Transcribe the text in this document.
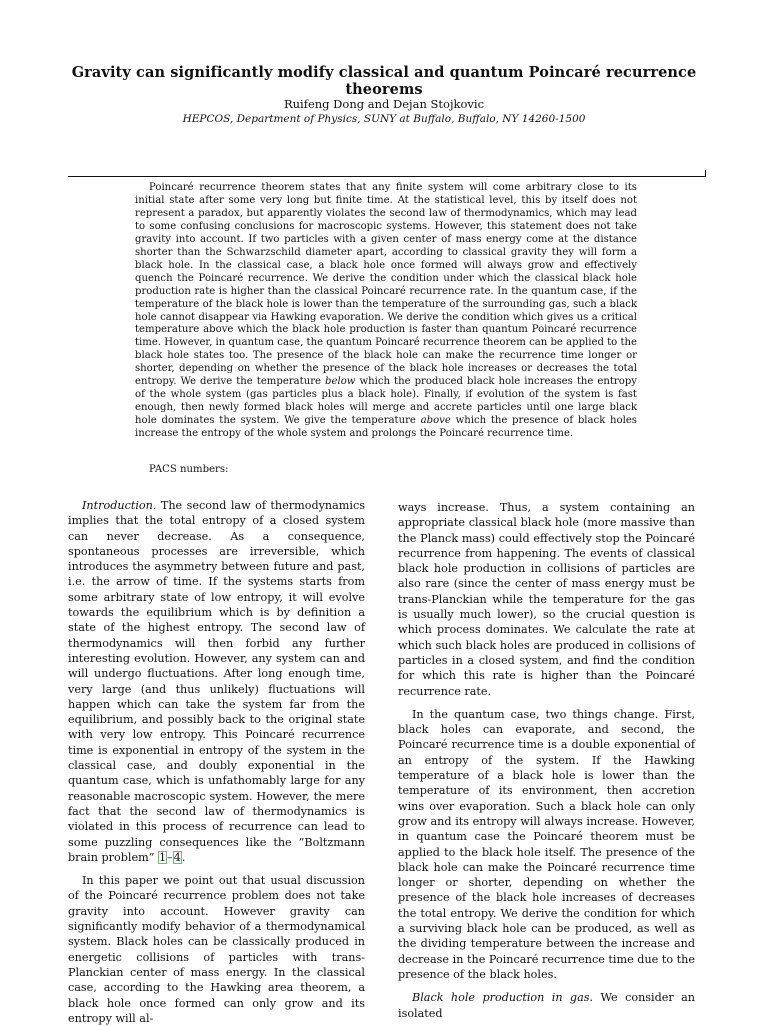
Gravity can significantly modify classical and quantum Poincaré recurrence theorems
Ruifeng Dong and Dejan Stojkovic
HEPCOS, Department of Physics, SUNY at Buffalo, Buffalo, NY 14260-1500

Poincaré recurrence theorem states that any finite system will come arbitrary close to its initial state after some very long but finite time. At the statistical level, this by itself does not represent a paradox, but apparently violates the second law of thermodynamics, which may lead to some confusing conclusions for macroscopic systems. However, this statement does not take gravity into account. If two particles with a given center of mass energy come at the distance shorter than the Schwarzschild diameter apart, according to classical gravity they will form a black hole. In the classical case, a black hole once formed will always grow and effectively quench the Poincaré recurrence. We derive the condition under which the classical black hole production rate is higher than the classical Poincaré recurrence rate. In the quantum case, if the temperature of the black hole is lower than the temperature of the surrounding gas, such a black hole cannot disappear via Hawking evaporation. We derive the condition which gives us a critical temperature above which the black hole production is faster than quantum Poincaré recurrence time. However, in quantum case, the quantum Poincaré recurrence theorem can be applied to the black hole states too. The presence of the black hole can make the recurrence time longer or shorter, depending on whether the presence of the black hole increases or decreases the total entropy. We derive the temperature below which the produced black hole increases the entropy of the whole system (gas particles plus a black hole). Finally, if evolution of the system is fast enough, then newly formed black holes will merge and accrete particles until one large black hole dominates the system. We give the temperature above which the presence of black holes increase the entropy of the whole system and prolongs the Poincaré recurrence time.

PACS numbers:

Introduction. The second law of thermodynamics implies that the total entropy of a closed system can never decrease. As a consequence, spontaneous processes are irreversible, which introduces the asymmetry between future and past, i.e. the arrow of time. If the systems starts from some arbitrary state of low entropy, it will evolve towards the equilibrium which is by definition a state of the highest entropy. The second law of thermodynamics will then forbid any further interesting evolution. However, any system can and will undergo fluctuations. After long enough time, very large (and thus unlikely) fluctuations will happen which can take the system far from the equilibrium, and possibly back to the original state with very low entropy. This Poincaré recurrence time is exponential in entropy of the system in the classical case, and doubly exponential in the quantum case, which is unfathomably large for any reasonable macroscopic system. However, the mere fact that the second law of thermodynamics is violated in this process of recurrence can lead to some puzzling consequences like the ”Boltzmann brain problem” 1–4.

In this paper we point out that usual discussion of the Poincaré recurrence problem does not take gravity into account. However gravity can significantly modify behavior of a thermodynamical system. Black holes can be classically produced in energetic collisions of particles with trans-Planckian center of mass energy. In the classical case, according to the Hawking area theorem, a black hole once formed can only grow and its entropy will al-

ways increase. Thus, a system containing an appropriate classical black hole (more massive than the Planck mass) could effectively stop the Poincaré recurrence from happening. The events of classical black hole production in collisions of particles are also rare (since the center of mass energy must be trans-Planckian while the temperature for the gas is usually much lower), so the crucial question is which process dominates. We calculate the rate at which such black holes are produced in collisions of particles in a closed system, and find the condition for which this rate is higher than the Poincaré recurrence rate.

In the quantum case, two things change. First, black holes can evaporate, and second, the Poincaré recurrence time is a double exponential of an entropy of the system. If the Hawking temperature of a black hole is lower than the temperature of its environment, then accretion wins over evaporation. Such a black hole can only grow and its entropy will always increase. However, in quantum case the Poincaré theorem must be applied to the black hole itself. The presence of the black hole can make the Poincaré recurrence time longer or shorter, depending on whether the presence of the black hole increases of decreases the total entropy. We derive the condition for which a surviving black hole can be produced, as well as the dividing temperature between the increase and decrease in the Poincaré recurrence time due to the presence of the black holes.

Black hole production in gas. We consider an isolated
